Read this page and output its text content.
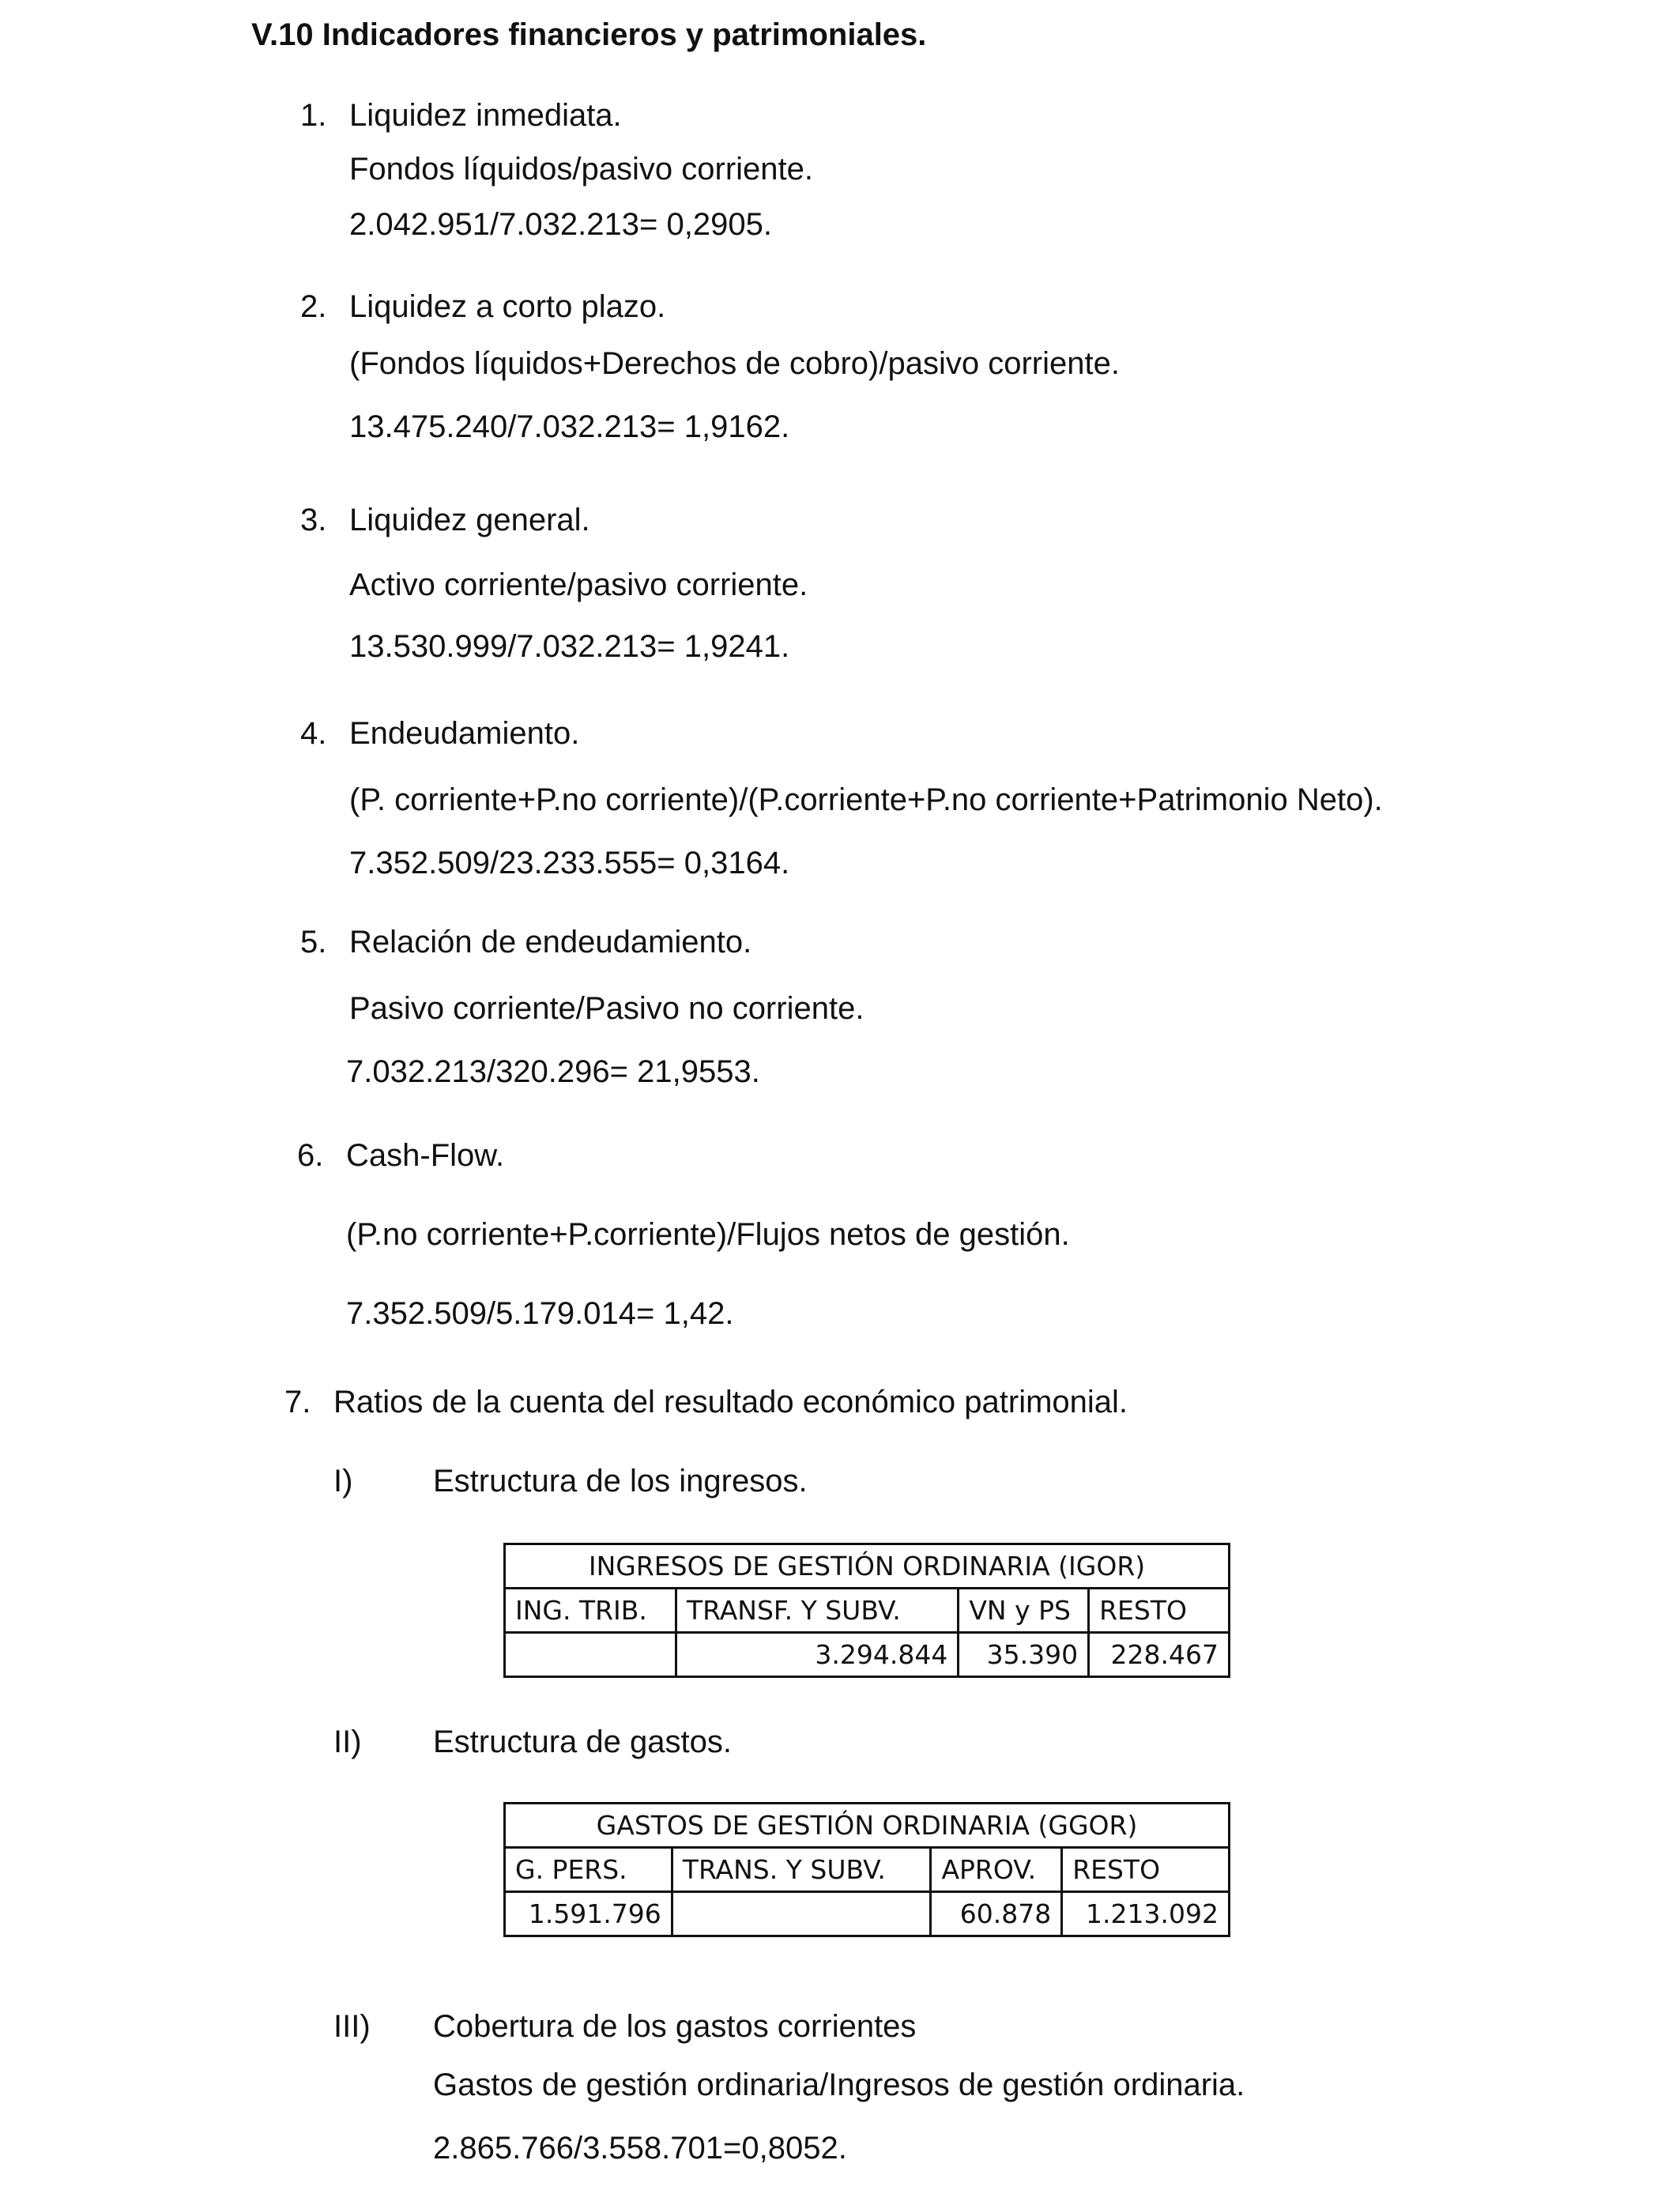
V.10 Indicadores financieros y patrimoniales.
1. Liquidez inmediata.
Fondos líquidos/pasivo corriente.
2.042.951/7.032.213= 0,2905.
2. Liquidez a corto plazo.
(Fondos líquidos+Derechos de cobro)/pasivo corriente.
13.475.240/7.032.213= 1,9162.
3. Liquidez general.
Activo corriente/pasivo corriente.
13.530.999/7.032.213= 1,9241.
4. Endeudamiento.
(P. corriente+P.no corriente)/(P.corriente+P.no corriente+Patrimonio Neto).
7.352.509/23.233.555= 0,3164.
5. Relación de endeudamiento.
Pasivo corriente/Pasivo no corriente.
7.032.213/320.296= 21,9553.
6. Cash-Flow.
(P.no corriente+P.corriente)/Flujos netos de gestión.
7.352.509/5.179.014= 1,42.
7. Ratios de la cuenta del resultado económico patrimonial.
I)	Estructura de los ingresos.
INGRESOS DE GESTIÓN ORDINARIA (IGOR)			
ING. TRIB.	TRANSF. Y SUBV.	VN y PS	RESTO
	3.294.844	35.390	228.467
II) Estructura de gastos.
GASTOS DE GESTIÓN ORDINARIA (GGOR)			
G. PERS.	TRANS. Y SUBV.	APROV.	RESTO
1.591.796		60.878	1.213.092
III) Cobertura de los gastos corrientes
Gastos de gestión ordinaria/Ingresos de gestión ordinaria.
2.865.766/3.558.701=0,8052.
